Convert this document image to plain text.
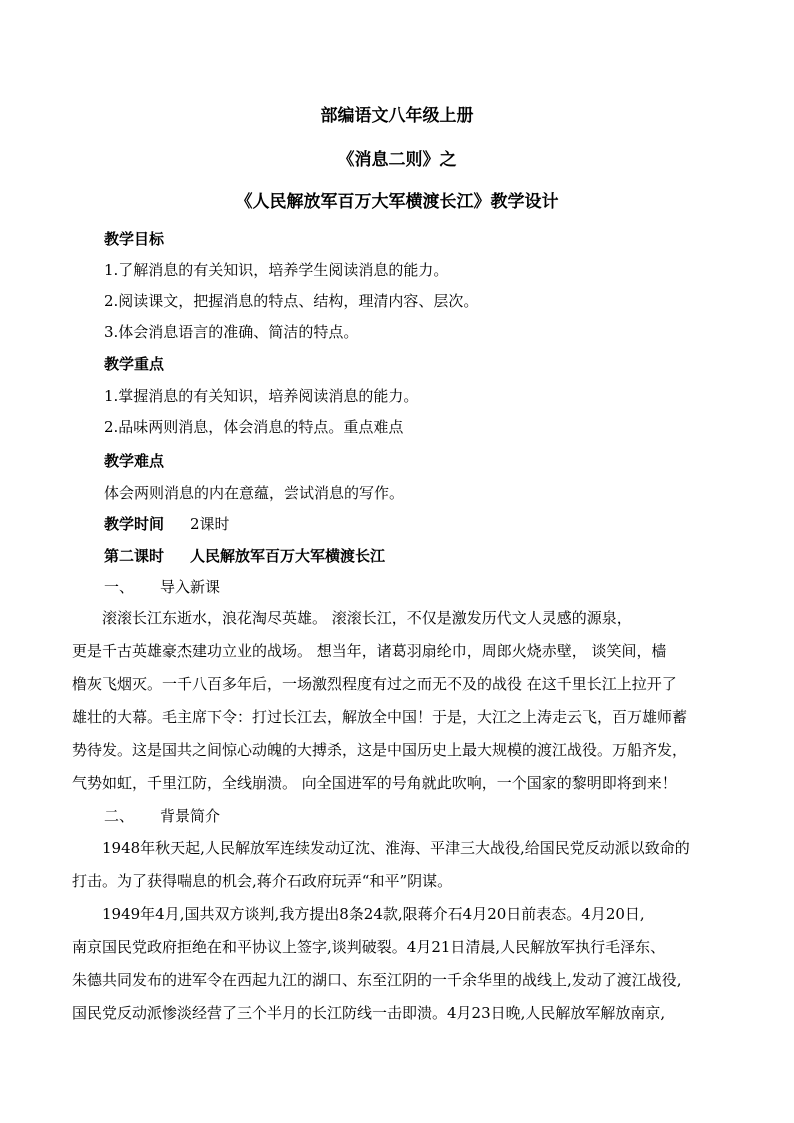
部编语文八年级上册
《消息二则》之
《人民解放军百万大军横渡长江》教学设计
教学目标
1.了解消息的有关知识，培养学生阅读消息的能力。
2.阅读课文，把握消息的特点、结构，理清内容、层次。
3.体会消息语言的准确、简洁的特点。
教学重点
1.掌握消息的有关知识，培养阅读消息的能力。
2.品味两则消息，体会消息的特点。重点难点
教学难点
体会两则消息的内在意蕴，尝试消息的写作。
教学时间 2课时
第二课时 人民解放军百万大军横渡长江
一、 导入新课
滚滚长江东逝水，浪花淘尽英雄。 滚滚长江，不仅是激发历代文人灵感的源泉，
更是千古英雄豪杰建功立业的战场。 想当年，诸葛羽扇纶巾，周郎火烧赤壁， 谈笑间，樯
橹灰飞烟灭。一千八百多年后，一场激烈程度有过之而无不及的战役 在这千里长江上拉开了
雄壮的大幕。毛主席下令：打过长江去，解放全中国！于是，大江之上涛走云飞，百万雄师蓄
势待发。这是国共之间惊心动魄的大搏杀，这是中国历史上最大规模的渡江战役。万船齐发，
气势如虹，千里江防，全线崩溃。 向全国进军的号角就此吹响，一个国家的黎明即将到来！
二、 背景简介
1948年秋天起,人民解放军连续发动辽沈、淮海、平津三大战役,给国民党反动派以致命的
打击。为了获得喘息的机会,蒋介石政府玩弄“和平”阴谋。
1949年4月,国共双方谈判,我方提出8条24款,限蒋介石4月20日前表态。4月20日,
南京国民党政府拒绝在和平协议上签字,谈判破裂。4月21日清晨,人民解放军执行毛泽东、
朱德共同发布的进军令在西起九江的湖口、东至江阴的一千余华里的战线上,发动了渡江战役,
国民党反动派惨淡经营了三个半月的长江防线一击即溃。4月23日晚,人民解放军解放南京,
